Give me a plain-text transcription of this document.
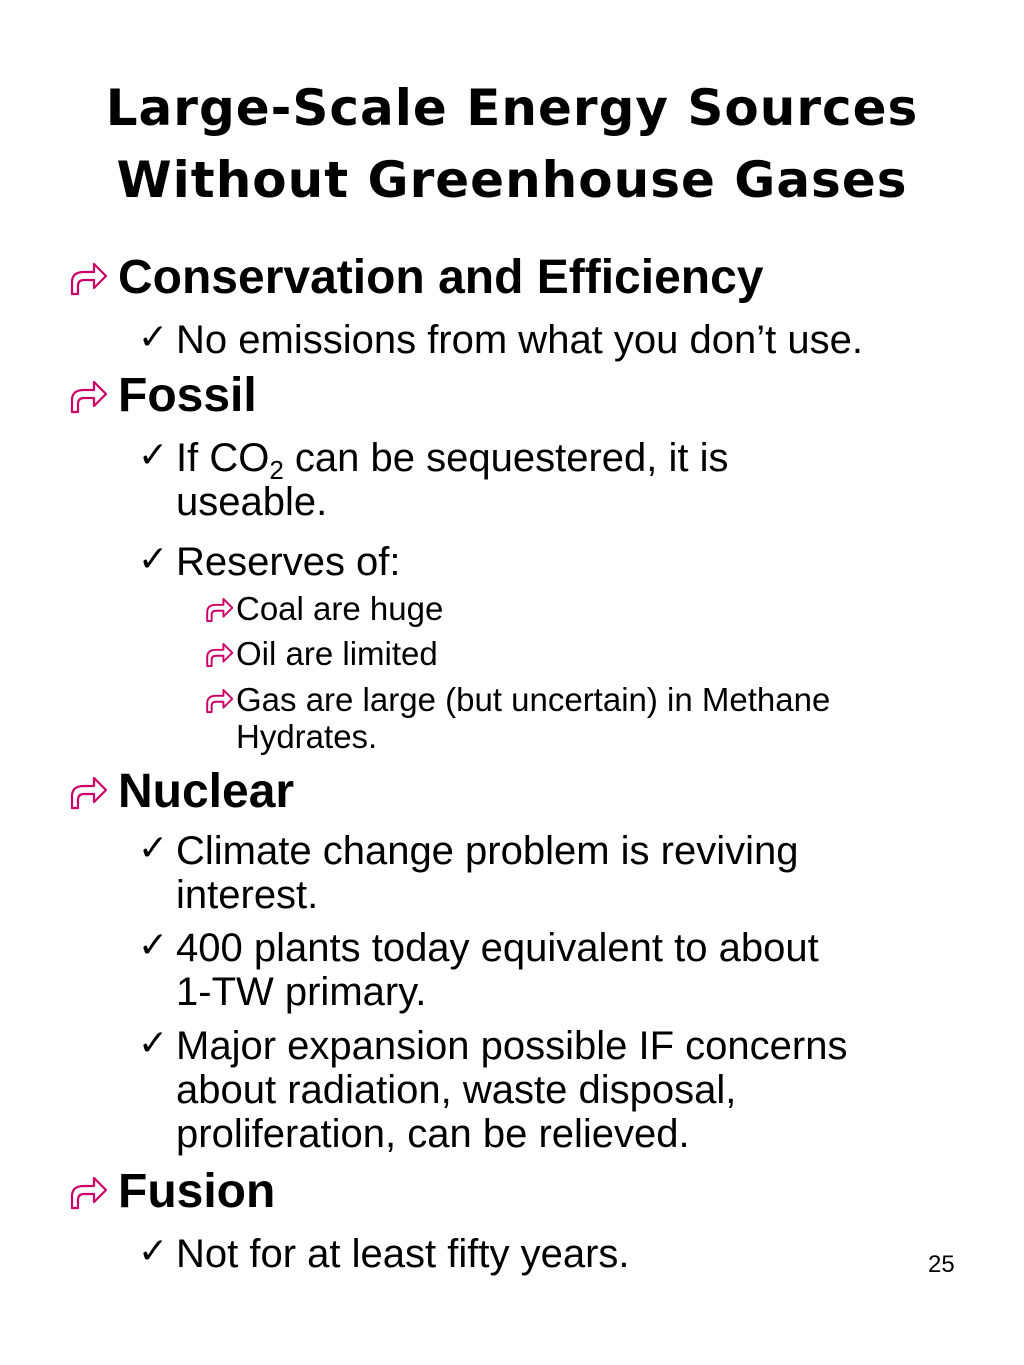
Large-Scale Energy Sources
Without Greenhouse Gases
Conservation and Efficiency
✓ No emissions from what you don’t use.
Fossil
✓ If $CO_2$ can be sequestered, it is
useable.
✓ Reserves of:
Coal are huge
Oil are limited
Gas are large (but uncertain) in Methane
Hydrates.
Nuclear
✓ Climate change problem is reviving
interest.
✓ 400 plants today equivalent to about
1-TW primary.
✓ Major expansion possible IF concerns
about radiation, waste disposal,
proliferation, can be relieved.
Fusion
✓ Not for at least fifty years.	25
